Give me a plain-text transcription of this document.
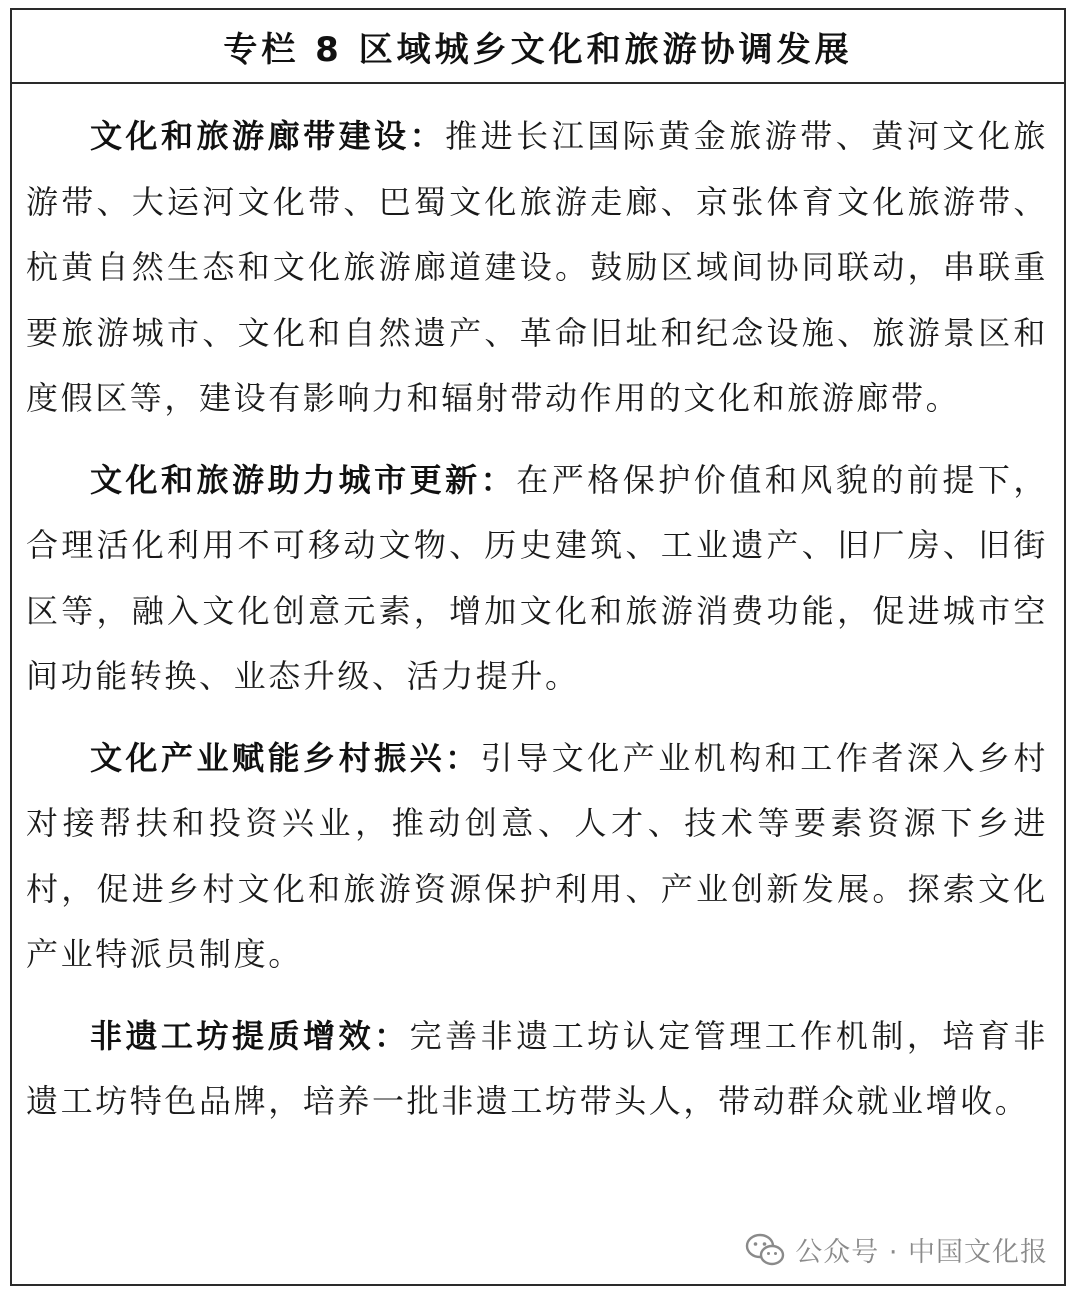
专栏 8 区域城乡文化和旅游协调发展

文化和旅游廊带建设：推进长江国际黄金旅游带、黄河文化旅游带、大运河文化带、巴蜀文化旅游走廊、京张体育文化旅游带、杭黄自然生态和文化旅游廊道建设。鼓励区域间协同联动，串联重要旅游城市、文化和自然遗产、革命旧址和纪念设施、旅游景区和度假区等，建设有影响力和辐射带动作用的文化和旅游廊带。

文化和旅游助力城市更新：在严格保护价值和风貌的前提下，合理活化利用不可移动文物、历史建筑、工业遗产、旧厂房、旧街区等，融入文化创意元素，增加文化和旅游消费功能，促进城市空间功能转换、业态升级、活力提升。

文化产业赋能乡村振兴：引导文化产业机构和工作者深入乡村对接帮扶和投资兴业，推动创意、人才、技术等要素资源下乡进村，促进乡村文化和旅游资源保护利用、产业创新发展。探索文化产业特派员制度。

非遗工坊提质增效：完善非遗工坊认定管理工作机制，培育非遗工坊特色品牌，培养一批非遗工坊带头人，带动群众就业增收。

公众号 · 中国文化报
